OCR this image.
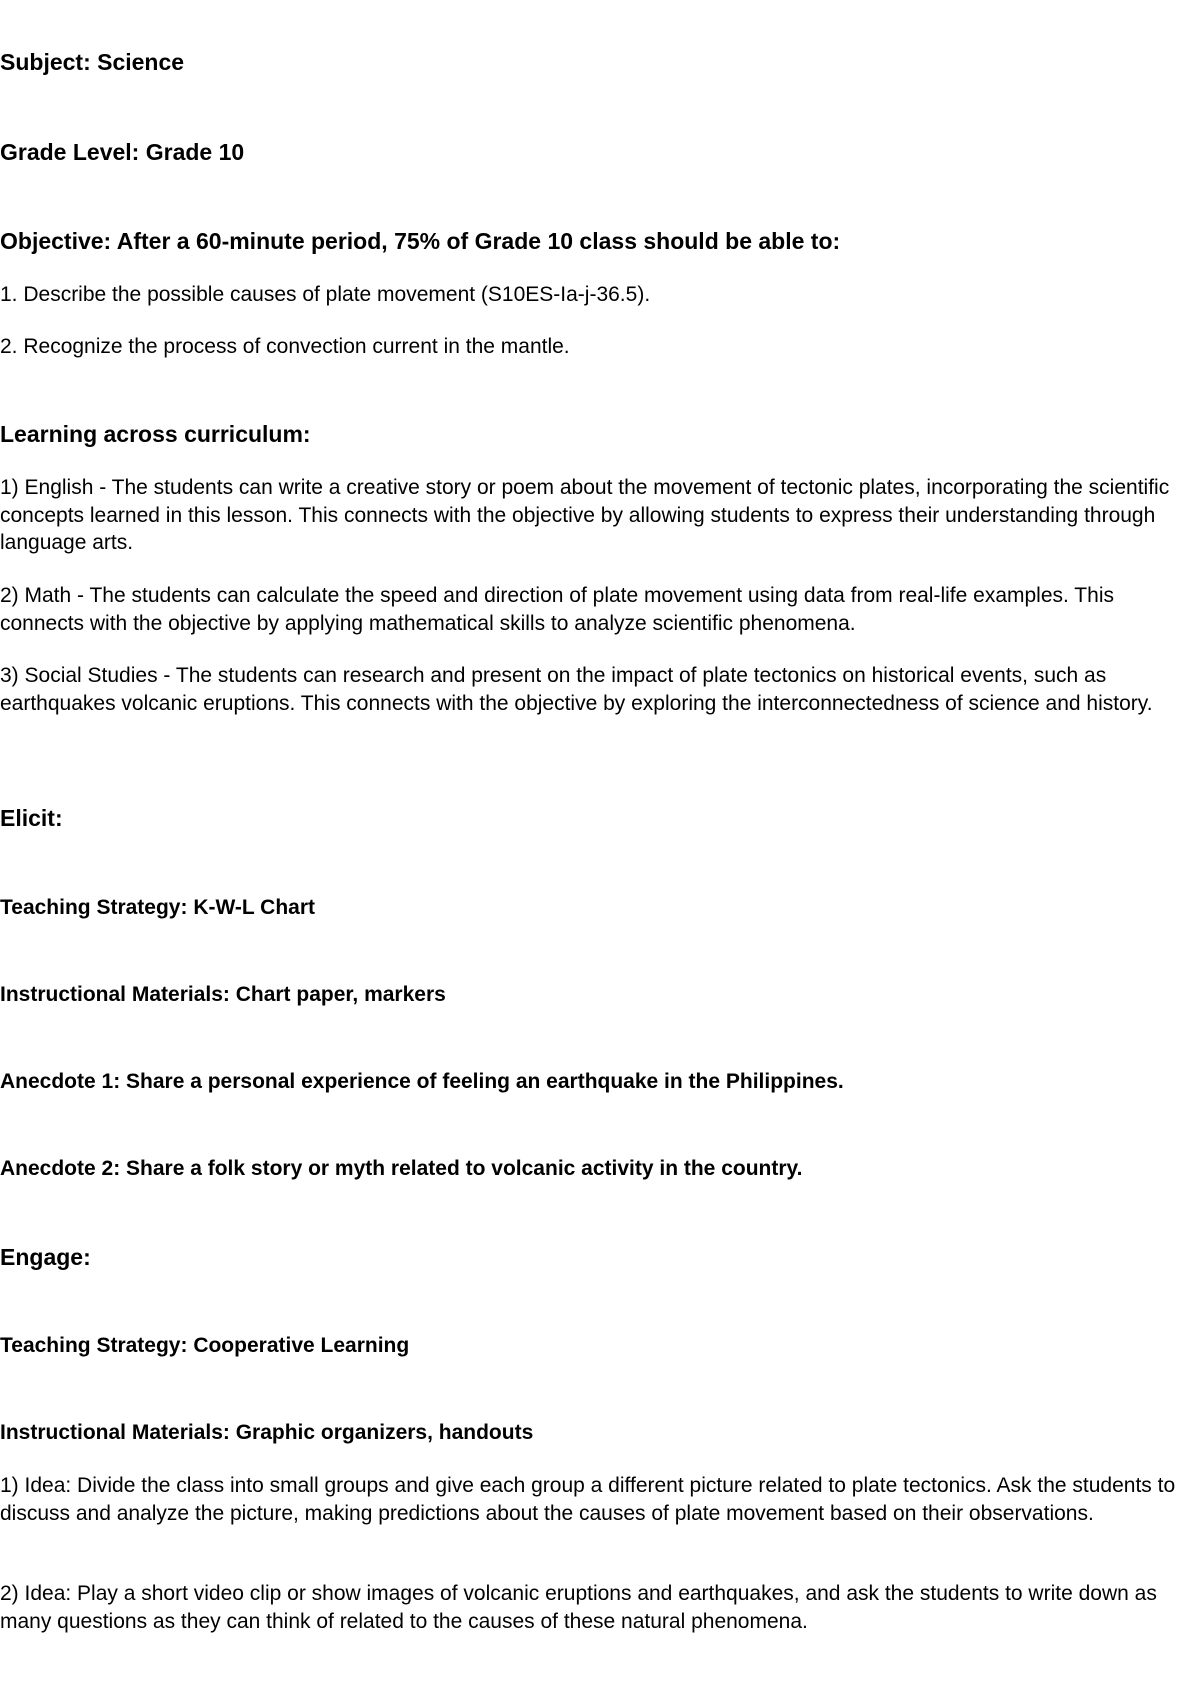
Subject: Science
Grade Level: Grade 10
Objective: After a 60-minute period, 75% of Grade 10 class should be able to:
1. Describe the possible causes of plate movement (S10ES-Ia-j-36.5).
2. Recognize the process of convection current in the mantle.
Learning across curriculum:
1) English - The students can write a creative story or poem about the movement of tectonic plates, incorporating the scientific concepts learned in this lesson. This connects with the objective by allowing students to express their understanding through language arts.
2) Math - The students can calculate the speed and direction of plate movement using data from real-life examples. This connects with the objective by applying mathematical skills to analyze scientific phenomena.
3) Social Studies - The students can research and present on the impact of plate tectonics on historical events, such as earthquakes volcanic eruptions. This connects with the objective by exploring the interconnectedness of science and history.
Elicit:
Teaching Strategy: K-W-L Chart
Instructional Materials: Chart paper, markers
Anecdote 1: Share a personal experience of feeling an earthquake in the Philippines.
Anecdote 2: Share a folk story or myth related to volcanic activity in the country.
Engage:
Teaching Strategy: Cooperative Learning
Instructional Materials: Graphic organizers, handouts
1) Idea: Divide the class into small groups and give each group a different picture related to plate tectonics. Ask the students to discuss and analyze the picture, making predictions about the causes of plate movement based on their observations.
2) Idea: Play a short video clip or show images of volcanic eruptions and earthquakes, and ask the students to write down as many questions as they can think of related to the causes of these natural phenomena.
